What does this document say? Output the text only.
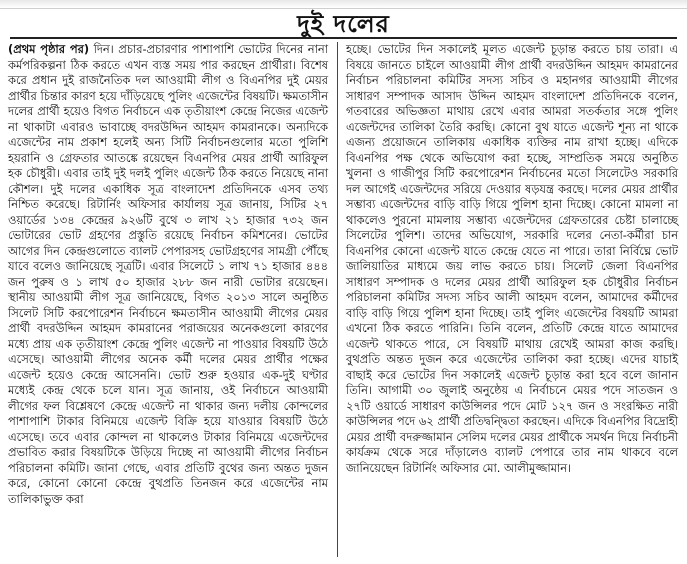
দুই দলের

(প্রথম পৃষ্ঠার পর) দিন। প্রচার-প্রচারণার পাশাপাশি ভোটের দিনের নানা কর্মপরিকল্পনা ঠিক করতে এখন ব্যস্ত সময় পার করছেন প্রার্থীরা। বিশেষ করে প্রধান দুই রাজনৈতিক দল আওয়ামী লীগ ও বিএনপির দুই মেয়র প্রার্থীর চিন্তার কারণ হয়ে দাঁড়িয়েছে পুলিং এজেন্টের বিষয়টি। ক্ষমতাসীন দলের প্রার্থী হয়েও বিগত নির্বাচনে এক তৃতীয়াংশ কেন্দ্রে নিজের এজেন্ট না থাকাটা এবারও ভাবাচ্ছে বদরউদ্দিন আহমদ কামরানকে। অন্যদিকে এজেন্টের নাম প্রকাশ হলেই অন্য সিটি নির্বাচনগুলোর মতো পুলিশি হয়রানি ও গ্রেফতার আতঙ্কে রয়েছেন বিএনপির মেয়র প্রার্থী আরিফুল হক চৌধুরী। এবার তাই দুই দলই পুলিং এজেন্ট ঠিক করতে নিয়েছে নানা কৌশল। দুই দলের একাধিক সূত্র বাংলাদেশ প্রতিদিনকে এসব তথ্য নিশ্চিত করেছে। রিটার্নিং অফিসার কার্যালয় সূত্র জানায়, সিটির ২৭ ওয়ার্ডের ১৩৪ কেন্দ্রের ৯২৬টি বুথে ৩ লাখ ২১ হাজার ৭৩২ জন ভোটারের ভোট গ্রহণের প্রস্তুতি রয়েছে নির্বাচন কমিশনের। ভোটের আগের দিন কেন্দ্রগুলোতে ব্যালট পেপারসহ ভোটগ্রহণের সামগ্রী পৌঁছে যাবে বলেও জানিয়েছে সূত্রটি। এবার সিলেটে ১ লাখ ৭১ হাজার ৪৪৪ জন পুরুষ ও ১ লাখ ৫০ হাজার ২৮৮ জন নারী ভোটার রয়েছেন। স্থানীয় আওয়ামী লীগ সূত্র জানিয়েছে, বিগত ২০১৩ সালে অনুষ্ঠিত সিলেট সিটি করপোরেশন নির্বাচনে ক্ষমতাসীন আওয়ামী লীগের মেয়র প্রার্থী বদরউদ্দিন আহমদ কামরানের পরাজয়ের অনেকগুলো কারণের মধ্যে প্রায় এক তৃতীয়াংশ কেন্দ্রে পুলিং এজেন্ট না পাওয়ার বিষয়টি উঠে এসেছে। আওয়ামী লীগের অনেক কর্মী দলের মেয়র প্রার্থীর পক্ষের এজেন্ট হয়েও কেন্দ্রে আসেননি। ভোট শুরু হওয়ার এক-দুই ঘণ্টার মধ্যেই কেন্দ্র থেকে চলে যান। সূত্র জানায়, ওই নির্বাচনে আওয়ামী লীগের ফল বিশ্লেষণে কেন্দ্রে এজেন্ট না থাকার জন্য দলীয় কোন্দলের পাশাপাশি টাকার বিনিময়ে এজেন্ট বিক্রি হয়ে যাওয়ার বিষয়টি উঠে এসেছে। তবে এবার কোন্দল না থাকলেও টাকার বিনিময়ে এজেন্টদের প্রভাবিত করার বিষয়টিকে উড়িয়ে দিচ্ছে না আওয়ামী লীগের নির্বাচন পরিচালনা কমিটি। জানা গেছে, এবার প্রতিটি বুথের জন্য অন্তত দুজন করে, কোনো কোনো কেন্দ্রে বুথপ্রতি তিনজন করে এজেন্টের নাম তালিকাভুক্ত করা

হচ্ছে। ভোটের দিন সকালেই মূলত এজেন্ট চূড়ান্ত করতে চায় তারা। এ বিষয়ে জানতে চাইলে আওয়ামী লীগ প্রার্থী বদরউদ্দিন আহমদ কামরানের নির্বাচন পরিচালনা কমিটির সদস্য সচিব ও মহানগর আওয়ামী লীগের সাধারণ সম্পাদক আসাদ উদ্দিন আহমদ বাংলাদেশ প্রতিদিনকে বলেন, গতবারের অভিজ্ঞতা মাথায় রেখে এবার আমরা সতর্কতার সঙ্গে পুলিং এজেন্টদের তালিকা তৈরি করছি। কোনো বুথ যাতে এজেন্ট শূন্য না থাকে এজন্য প্রয়োজনে তালিকায় একাধিক ব্যক্তির নাম রাখা হচ্ছে। এদিকে বিএনপির পক্ষ থেকে অভিযোগ করা হচ্ছে, সাম্প্রতিক সময়ে অনুষ্ঠিত খুলনা ও গাজীপুর সিটি করপোরেশন নির্বাচনের মতো সিলেটেও সরকারি দল আগেই এজেন্টদের সরিয়ে দেওয়ার ষড়যন্ত্র করছে। দলের মেয়র প্রার্থীর সম্ভাব্য এজেন্টদের বাড়ি বাড়ি গিয়ে পুলিশ হানা দিচ্ছে। কোনো মামলা না থাকলেও পুরনো মামলায় সম্ভাব্য এজেন্টদের গ্রেফতারের চেষ্টা চালাচ্ছে সিলেটের পুলিশ। তাদের অভিযোগ, সরকারি দলের নেতা-কর্মীরা চান বিএনপির কোনো এজেন্ট যাতে কেন্দ্রে যেতে না পারে। তারা নির্বিঘ্নে ভোট জালিয়াতির মাধ্যমে জয় লাভ করতে চায়। সিলেট জেলা বিএনপির সাধারণ সম্পাদক ও দলের মেয়র প্রার্থী আরিফুল হক চৌধুরীর নির্বাচন পরিচালনা কমিটির সদস্য সচিব আলী আহমদ বলেন, আমাদের কর্মীদের বাড়ি বাড়ি গিয়ে পুলিশ হানা দিচ্ছে। তাই পুলিং এজেন্টের বিষয়টি আমরা এখনো ঠিক করতে পারিনি। তিনি বলেন, প্রতিটি কেন্দ্রে যাতে আমাদের এজেন্ট থাকতে পারে, সে বিষয়টি মাথায় রেখেই আমরা কাজ করছি। বুথপ্রতি অন্তত দুজন করে এজেন্টের তালিকা করা হচ্ছে। এদের যাচাই বাছাই করে ভোটের দিন সকালেই এজেন্ট চূড়ান্ত করা হবে বলে জানান তিনি। আগামী ৩০ জুলাই অনুষ্ঠেয় এ নির্বাচনে মেয়র পদে সাতজন ও ২৭টি ওয়ার্ডে সাধারণ কাউন্সিলর পদে মোট ১২৭ জন ও সংরক্ষিত নারী কাউন্সিলর পদে ৬২ প্রার্থী প্রতিদ্বন্দ্বিতা করছেন। এদিকে বিএনপির বিদ্রোহী মেয়র প্রার্থী বদরুজ্জামান সেলিম দলের মেয়র প্রার্থীকে সমর্থন দিয়ে নির্বাচনী কার্যক্রম থেকে সরে দাঁড়ালেও ব্যালট পেপারে তার নাম থাকবে বলে জানিয়েছেন রিটার্নিং অফিসার মো. আলীমুজ্জামান।
